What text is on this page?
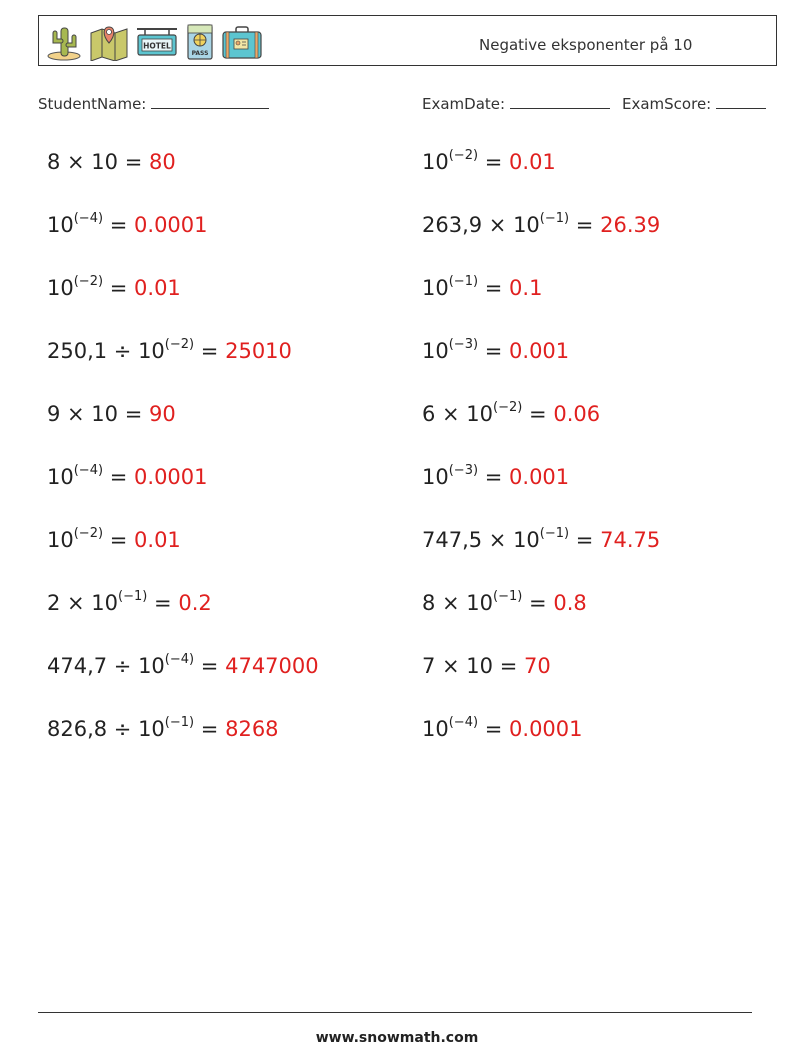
HOTEL
PASS	Negative eksponenter på 10
StudentName:	ExamDate:	ExamScore:
8 × 10 = 80	$10^{(-2)} = 0.01$
$10^{(-4)} = 0.0001$	$263,9 \times 10^{(-1)} = 26.39$
$10^{(-2)} = 0.01$	$10^{(-1)} = 0.1$
$250,1 \div 10^{(-2)} = 25010$	$10^{(-3)} = 0.001$
9 × 10 = 90	$6 \times 10^{(-2)} = 0.06$
$10^{(-4)} = 0.0001$	$10^{(-3)} = 0.001$
$10^{(-2)} = 0.01$	$747,5 \times 10^{(-1)} = 74.75$
$2 \times 10^{(-1)} = 0.2$	$8 \times 10^{(-1)} = 0.8$
$474,7 \div 10^{(-4)} = 4747000$	7 × 10 = 70
$826,8 \div 10^{(-1)} = 8268$	$10^{(-4)} = 0.0001$
www.snowmath.com
